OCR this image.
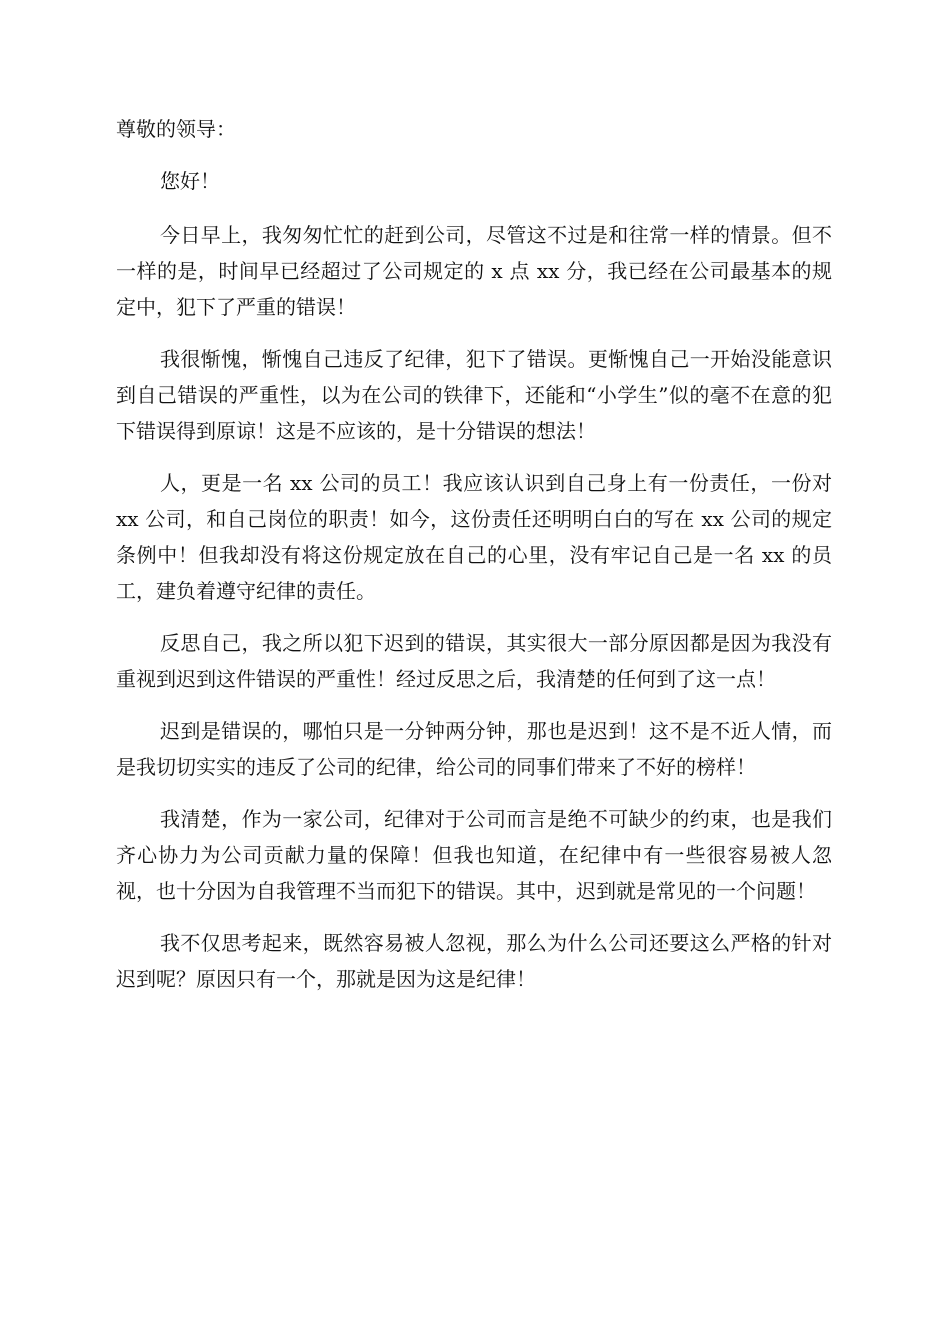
尊敬的领导：
您好！

今日早上，我匆匆忙忙的赶到公司，尽管这不过是和往常一样的情景。但不一样的是，时间早已经超过了公司规定的 x 点 xx 分，我已经在公司最基本的规定中，犯下了严重的错误！

我很惭愧，惭愧自己违反了纪律，犯下了错误。更惭愧自己一开始没能意识到自己错误的严重性，以为在公司的铁律下，还能和“小学生”似的毫不在意的犯下错误得到原谅！这是不应该的，是十分错误的想法！

人，更是一名 xx 公司的员工！我应该认识到自己身上有一份责任，一份对 xx 公司，和自己岗位的职责！如今，这份责任还明明白白的写在 xx 公司的规定条例中！但我却没有将这份规定放在自己的心里，没有牢记自己是一名 xx 的员工，建负着遵守纪律的责任。

反思自己，我之所以犯下迟到的错误，其实很大一部分原因都是因为我没有重视到迟到这件错误的严重性！经过反思之后，我清楚的任何到了这一点！

迟到是错误的，哪怕只是一分钟两分钟，那也是迟到！这不是不近人情，而是我切切实实的违反了公司的纪律，给公司的同事们带来了不好的榜样！

我清楚，作为一家公司，纪律对于公司而言是绝不可缺少的约束，也是我们齐心协力为公司贡献力量的保障！但我也知道，在纪律中有一些很容易被人忽视，也十分因为自我管理不当而犯下的错误。其中，迟到就是常见的一个问题！

我不仅思考起来，既然容易被人忽视，那么为什么公司还要这么严格的针对迟到呢？原因只有一个，那就是因为这是纪律！
